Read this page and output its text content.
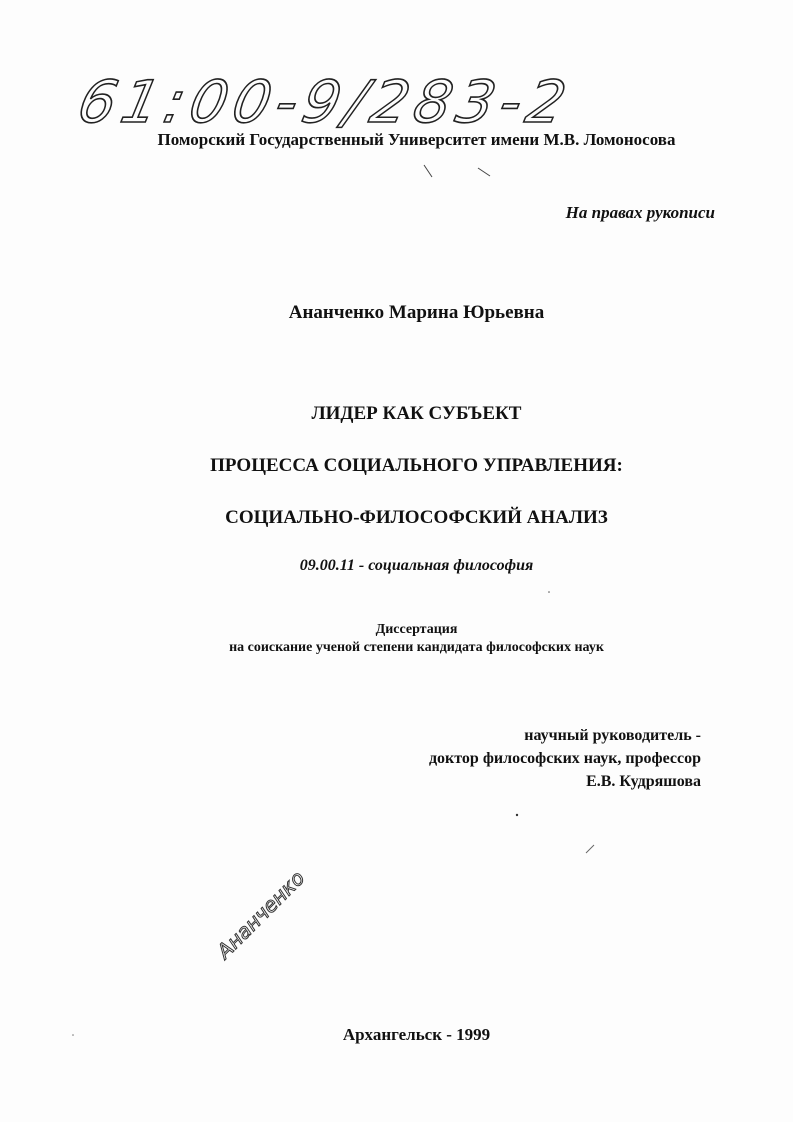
61:00-9/283-2
Поморский Государственный Университет имени М.В. Ломоносова
На правах рукописи
Ананченко Марина Юрьевна
ЛИДЕР КАК СУБЪЕКТ
ПРОЦЕССА СОЦИАЛЬНОГО УПРАВЛЕНИЯ:
СОЦИАЛЬНО-ФИЛОСОФСКИЙ АНАЛИЗ
09.00.11 - социальная философия
Диссертация
на соискание ученой степени кандидата философских наук
научный руководитель -
доктор философских наук, профессор
Е.В. Кудряшова
Ананченко
Архангельск - 1999
